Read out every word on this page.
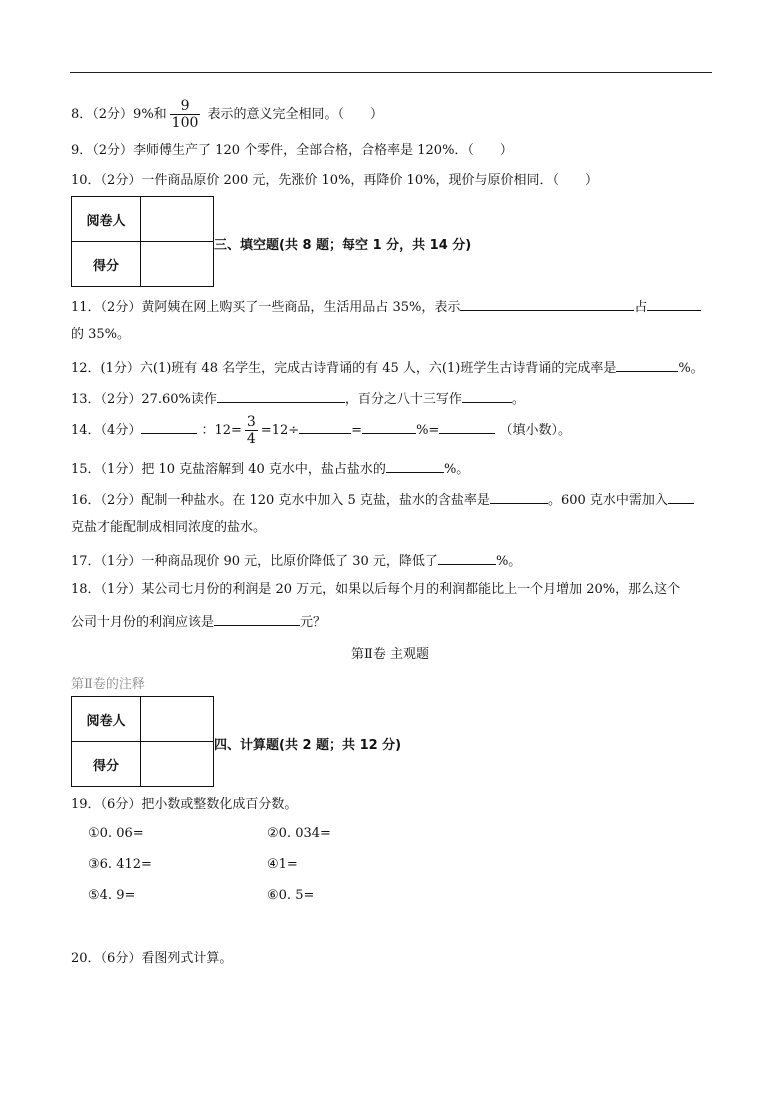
8．（2分）9%和 $\frac{9}{100}$ 表示的意义完全相同。（　　）
9．（2分）李师傅生产了 120 个零件，全部合格，合格率是 120%．（　　）
10．（2分）一件商品原价 200 元，先涨价 10%，再降价 10%，现价与原价相同．（　　）
阅卷人	
得分	
三、填空题(共 8 题；每空 1 分，共 14 分)
11．（2分）黄阿姨在网上购买了一些商品，生活用品占 35%，表示	占
的 35%。
12．(1分）六(1)班有 48 名学生，完成古诗背诵的有 45 人，六(1)班学生古诗背诵的完成率是	%。
13．（2分）27.60%读作	，百分之八十三写作	。
14．（4分）	：$12= \frac{3}{4} =12\div$	=	%=	（填小数）。
15．（1分）把 10 克盐溶解到 40 克水中，盐占盐水的	%。
16．（2分）配制一种盐水。在 120 克水中加入 5 克盐，盐水的含盐率是	。600 克水中需加入
克盐才能配制成相同浓度的盐水。
17．（1分）一种商品现价 90 元，比原价降低了 30 元，降低了	%。
18．（1分）某公司七月份的利润是 20 万元，如果以后每个月的利润都能比上一个月增加 20%，那么这个
公司十月份的利润应该是	元？
第Ⅱ卷 主观题
第Ⅱ卷的注释
阅卷人	
得分	
四、计算题(共 2 题；共 12 分)
19．（6分）把小数或整数化成百分数。
①0. 06=	②0. 034=
③6. 412=	④1=
⑤4. 9=	⑥0. 5=
20．（6分）看图列式计算。
